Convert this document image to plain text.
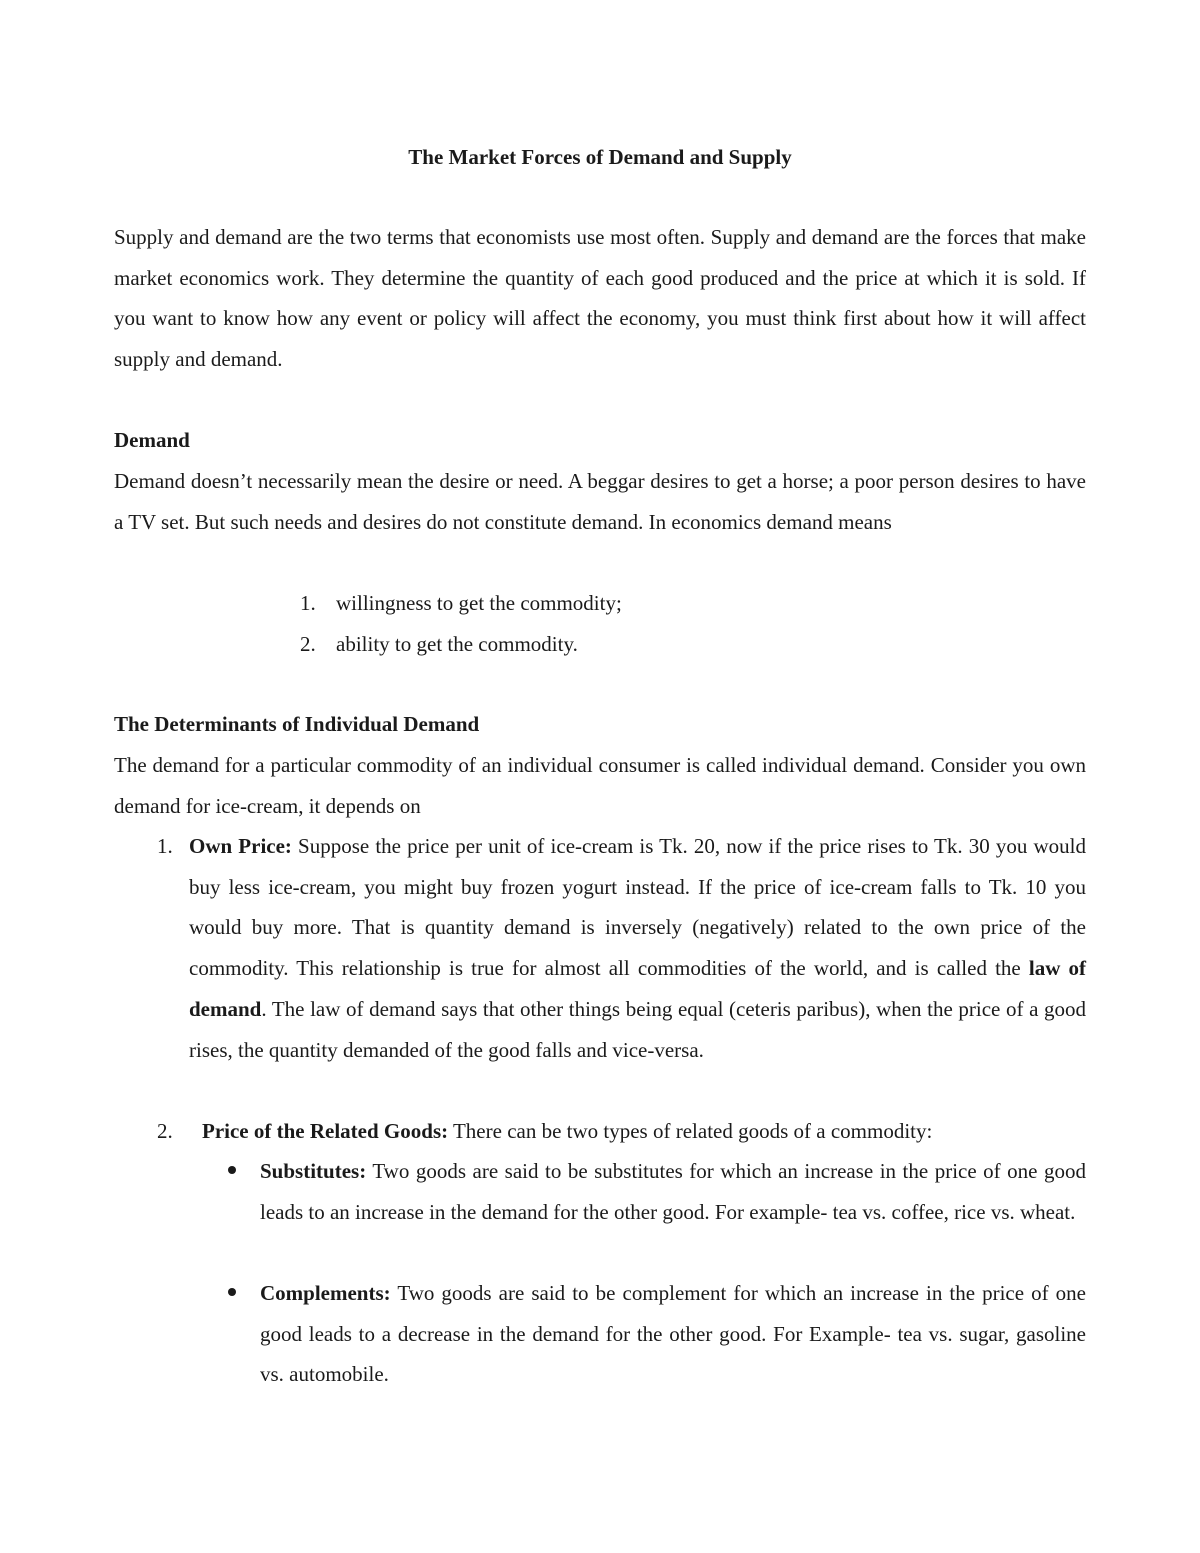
The Market Forces of Demand and Supply

Supply and demand are the two terms that economists use most often. Supply and demand are the forces that make market economics work. They determine the quantity of each good produced and the price at which it is sold. If you want to know how any event or policy will affect the economy, you must think first about how it will affect supply and demand.

Demand

Demand doesn’t necessarily mean the desire or need. A beggar desires to get a horse; a poor person desires to have a TV set. But such needs and desires do not constitute demand. In economics demand means

1. willingness to get the commodity;
2. ability to get the commodity.
The Determinants of Individual Demand

The demand for a particular commodity of an individual consumer is called individual demand. Consider you own demand for ice-cream, it depends on

1. Own Price: Suppose the price per unit of ice-cream is Tk. 20, now if the price rises to Tk. 30 you would buy less ice-cream, you might buy frozen yogurt instead. If the price of ice-cream falls to Tk. 10 you would buy more. That is quantity demand is inversely (negatively) related to the own price of the commodity. This relationship is true for almost all commodities of the world, and is called the law of demand. The law of demand says that other things being equal (ceteris paribus), when the price of a good rises, the quantity demanded of the good falls and vice-versa.

2. Price of the Related Goods: There can be two types of related goods of a commodity:

Substitutes: Two goods are said to be substitutes for which an increase in the price of one good leads to an increase in the demand for the other good. For example- tea vs. coffee, rice vs. wheat.

Complements: Two goods are said to be complement for which an increase in the price of one good leads to a decrease in the demand for the other good. For Example- tea vs. sugar, gasoline vs. automobile.
